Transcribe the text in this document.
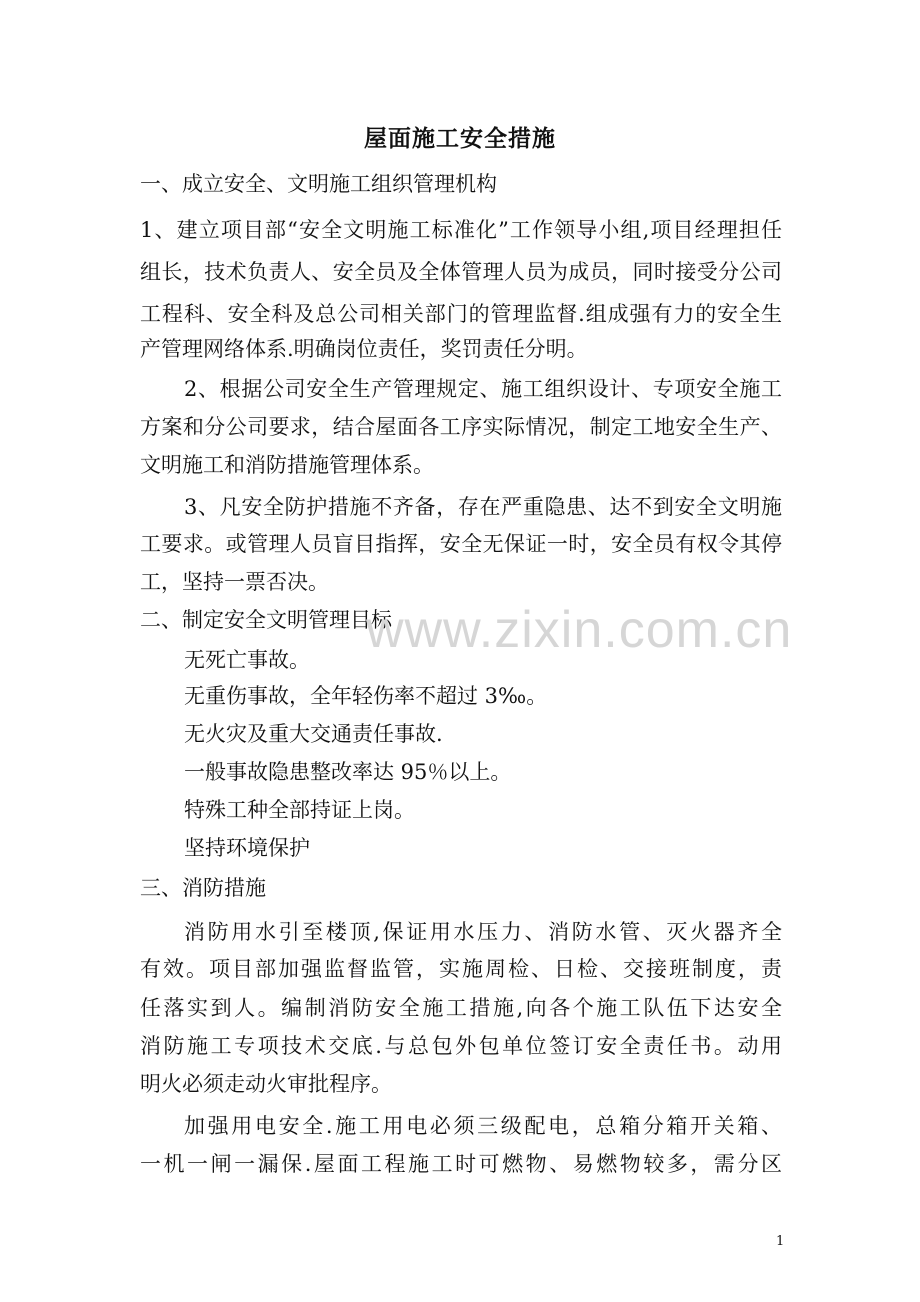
屋面施工安全措施
一、成立安全、文明施工组织管理机构
1、建立项目部“安全文明施工标准化”工作领导小组,项目经理担任
组长，技术负责人、安全员及全体管理人员为成员，同时接受分公司
工程科、安全科及总公司相关部门的管理监督.组成强有力的安全生
产管理网络体系.明确岗位责任，奖罚责任分明。
2、根据公司安全生产管理规定、施工组织设计、专项安全施工
方案和分公司要求，结合屋面各工序实际情况，制定工地安全生产、
文明施工和消防措施管理体系。
3、凡安全防护措施不齐备，存在严重隐患、达不到安全文明施
工要求。或管理人员盲目指挥，安全无保证一时，安全员有权令其停
工，坚持一票否决。
二、制定安全文明管理目标
无死亡事故。
无重伤事故，全年轻伤率不超过 3‰。
无火灾及重大交通责任事故.
一般事故隐患整改率达 95％以上。
特殊工种全部持证上岗。
坚持环境保护
三、消防措施
消防用水引至楼顶,保证用水压力、消防水管、灭火器齐全
有效。项目部加强监督监管，实施周检、日检、交接班制度，责
任落实到人。编制消防安全施工措施,向各个施工队伍下达安全
消防施工专项技术交底.与总包外包单位签订安全责任书。动用
明火必须走动火审批程序。
加强用电安全.施工用电必须三级配电，总箱分箱开关箱、
一机一闸一漏保.屋面工程施工时可燃物、易燃物较多，需分区
www.zixin.com.cn
1
